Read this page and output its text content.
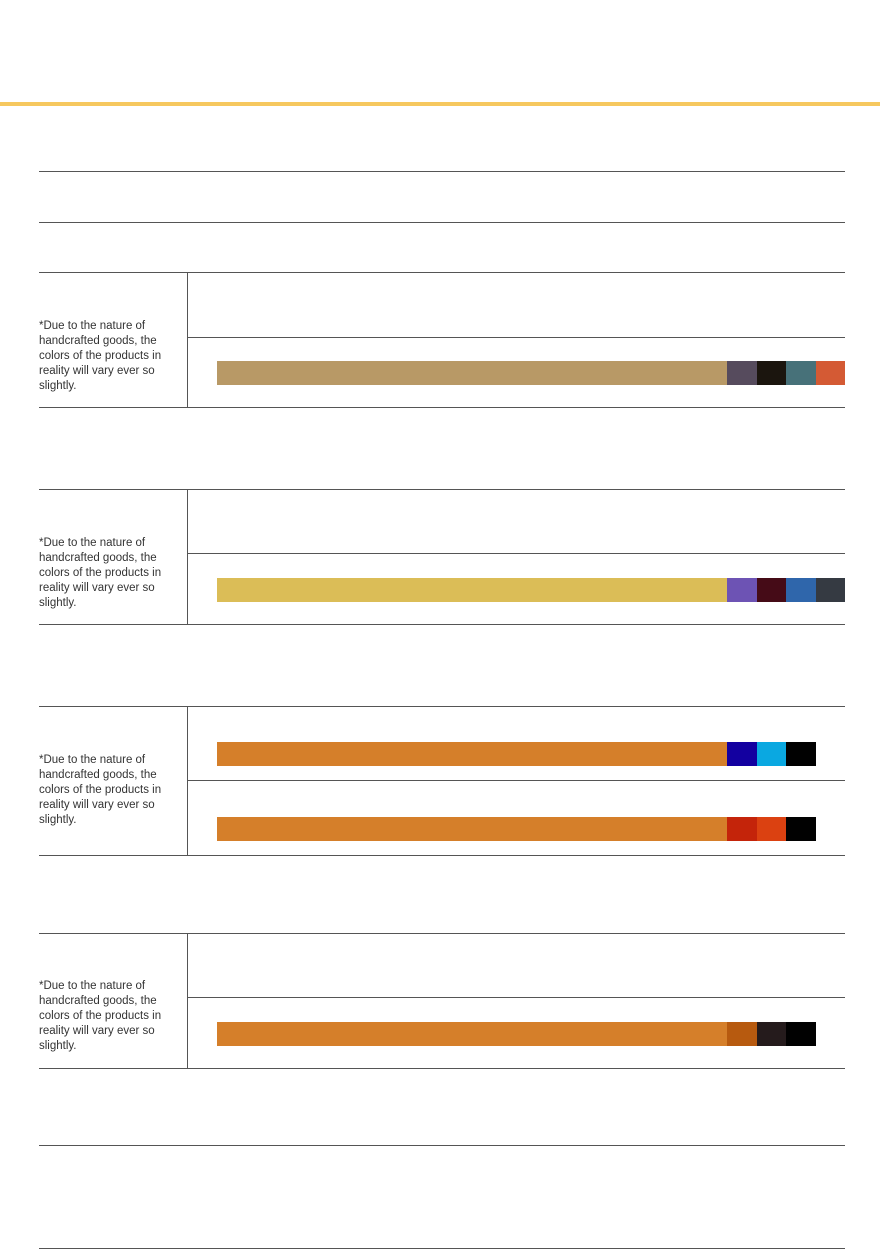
*Due to the nature of handcrafted goods, the colors of the products in reality will vary ever so slightly.
*Due to the nature of handcrafted goods, the colors of the products in reality will vary ever so slightly.
*Due to the nature of handcrafted goods, the colors of the products in reality will vary ever so slightly.
*Due to the nature of handcrafted goods, the colors of the products in reality will vary ever so slightly.
